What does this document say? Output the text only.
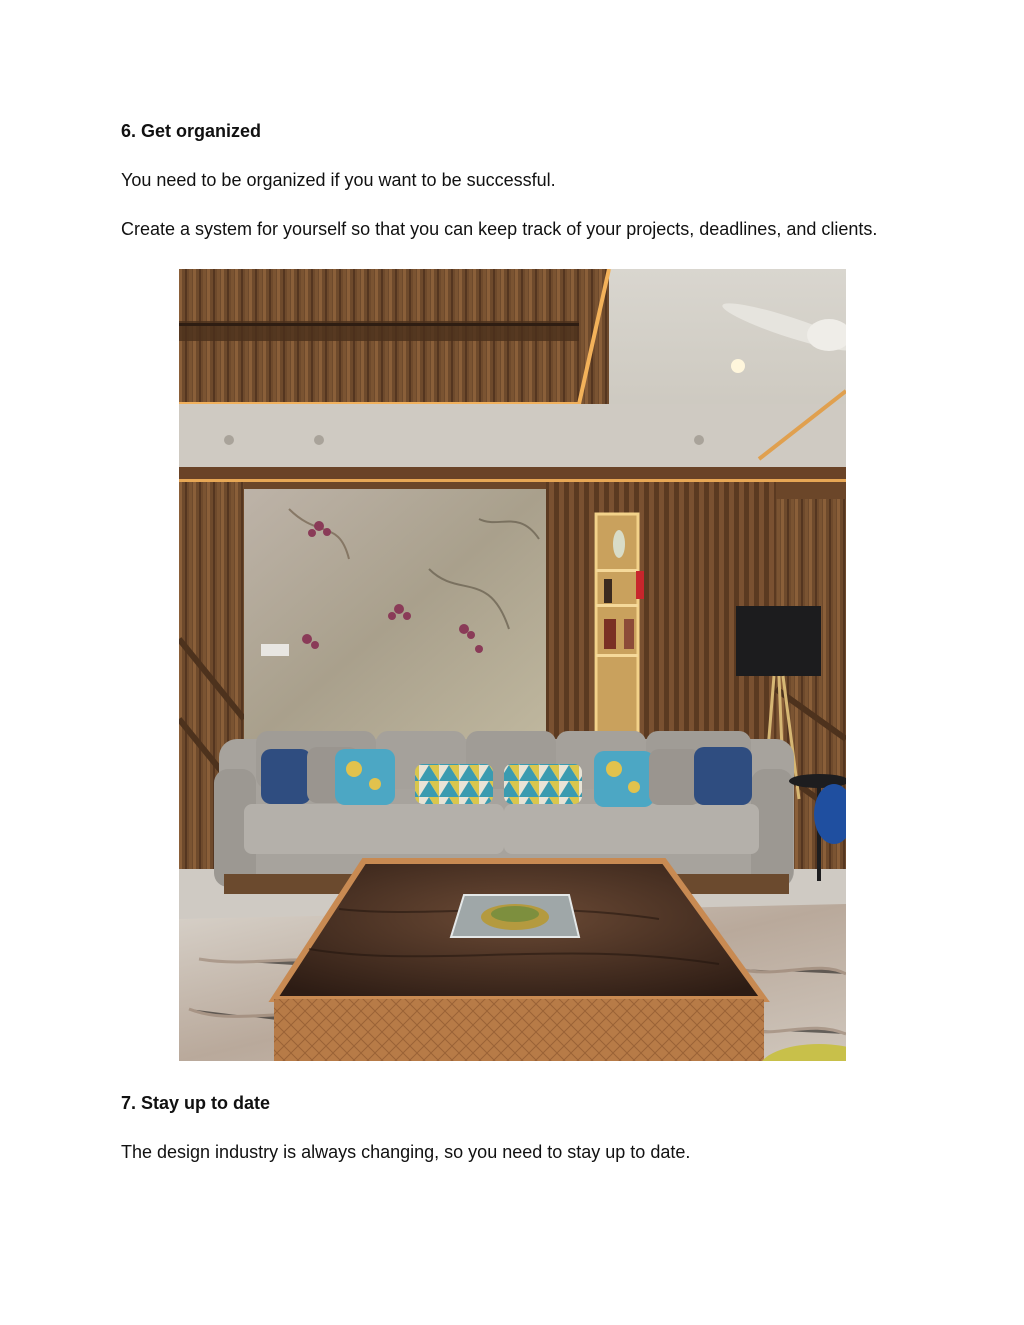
6. Get organized

You need to be organized if you want to be successful.

Create a system for yourself so that you can keep track of your projects, deadlines, and clients.

7. Stay up to date

The design industry is always changing, so you need to stay up to date.
